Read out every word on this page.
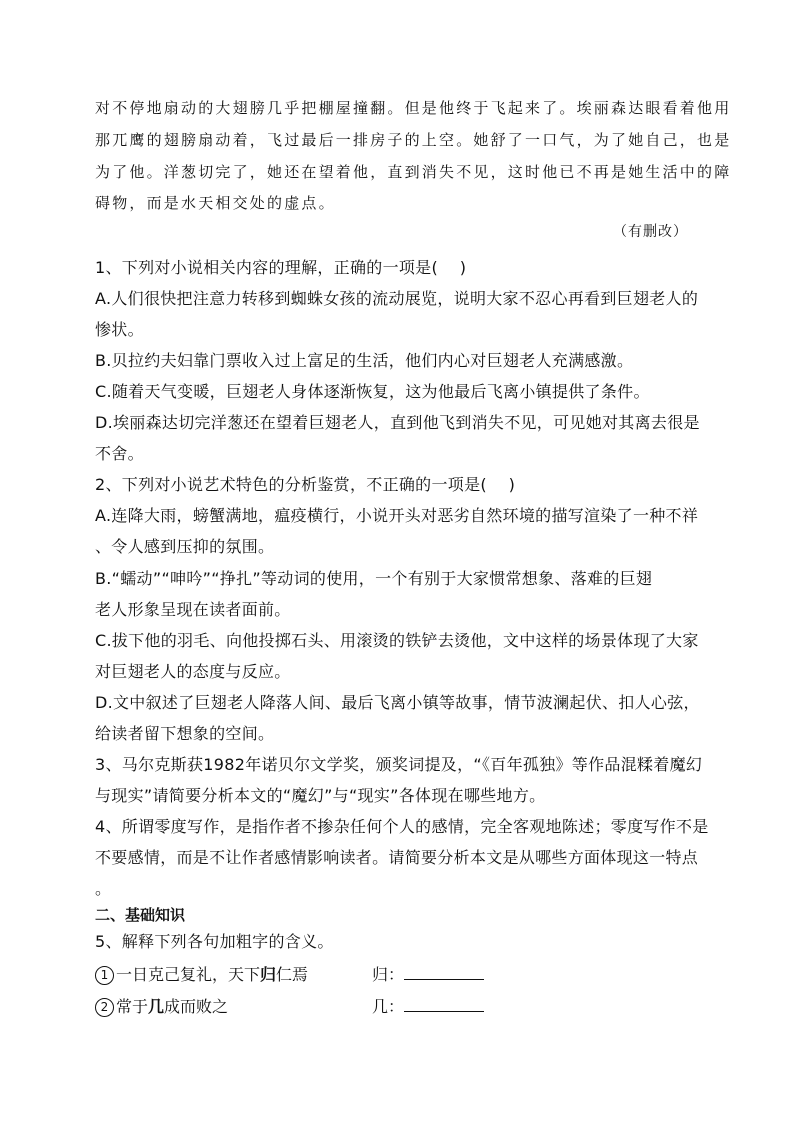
对不停地扇动的大翅膀几乎把棚屋撞翻。但是他终于飞起来了。埃丽森达眼看着他用

那兀鹰的翅膀扇动着，飞过最后一排房子的上空。她舒了一口气，为了她自己，也是

为了他。洋葱切完了，她还在望着他，直到消失不见，这时他已不再是她生活中的障

碍物，而是水天相交处的虚点。

（有删改）

1、下列对小说相关内容的理解，正确的一项是(　 )

A.人们很快把注意力转移到蜘蛛女孩的流动展览，说明大家不忍心再看到巨翅老人的

惨状。

B.贝拉约夫妇靠门票收入过上富足的生活，他们内心对巨翅老人充满感激。

C.随着天气变暖，巨翅老人身体逐渐恢复，这为他最后飞离小镇提供了条件。

D.埃丽森达切完洋葱还在望着巨翅老人，直到他飞到消失不见，可见她对其离去很是

不舍。

2、下列对小说艺术特色的分析鉴赏，不正确的一项是(　 )

A.连降大雨，螃蟹满地，瘟疫横行，小说开头对恶劣自然环境的描写渲染了一种不祥

、令人感到压抑的氛围。

B.“蠕动”“呻吟”“挣扎”等动词的使用，一个有别于大家惯常想象、落难的巨翅

老人形象呈现在读者面前。

C.拔下他的羽毛、向他投掷石头、用滚烫的铁铲去烫他，文中这样的场景体现了大家

对巨翅老人的态度与反应。

D.文中叙述了巨翅老人降落人间、最后飞离小镇等故事，情节波澜起伏、扣人心弦，

给读者留下想象的空间。

3、马尔克斯获1982年诺贝尔文学奖，颁奖词提及，“《百年孤独》等作品混糅着魔幻

与现实”请简要分析本文的“魔幻”与“现实”各体现在哪些地方。

4、所谓零度写作，是指作者不掺杂任何个人的感情，完全客观地陈述；零度写作不是

不要感情，而是不让作者感情影响读者。请简要分析本文是从哪些方面体现这一特点

。

二、基础知识

5、解释下列各句加粗字的含义。

1 一日克己复礼，天下归仁焉	归：
2 常于几成而败之	几：
